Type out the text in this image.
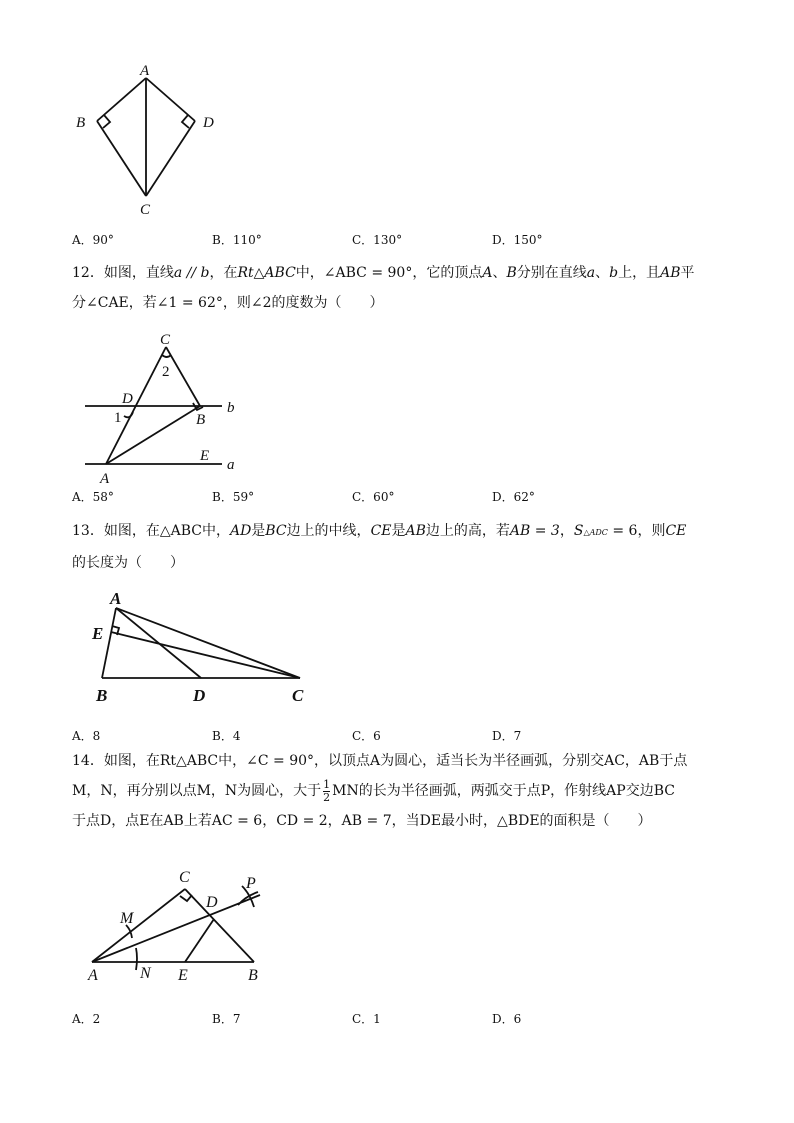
A
B	D
C
A．90°	B．110°	C．130°	D．150°
12．如图，直线a ∕∕ b，在Rt△ABC中，∠ABC = 90°，它的顶点A、B分别在直线a、b上，且AB平
分∠CAE，若∠1 = 62°，则∠2的度数为（　　）
C
2
D
1	B
b
E
A
a
A．58°	B．59°	C．60°	D．62°
13．如图，在△ABC中，AD是BC边上的中线，CE是AB边上的高，若AB = 3，S△ADC = 6，则CE
的长度为（　　）
A
E
B	D	C
A．8	B．4	C．6	D．7
14．如图，在Rt△ABC中，∠C = 90°，以顶点A为圆心，适当长为半径画弧，分别交AC，AB于点
M，N，再分别以点M，N为圆心，大于 $\frac{1}{2}$ MN的长为半径画弧，两弧交于点P，作射线AP交边BC
于点D，点E在AB上若AC = 6，CD = 2，AB = 7，当DE最小时，△BDE的面积是（　　）
C
D
P
M
A	N E	B
A．2	B．7	C．1	D．6
